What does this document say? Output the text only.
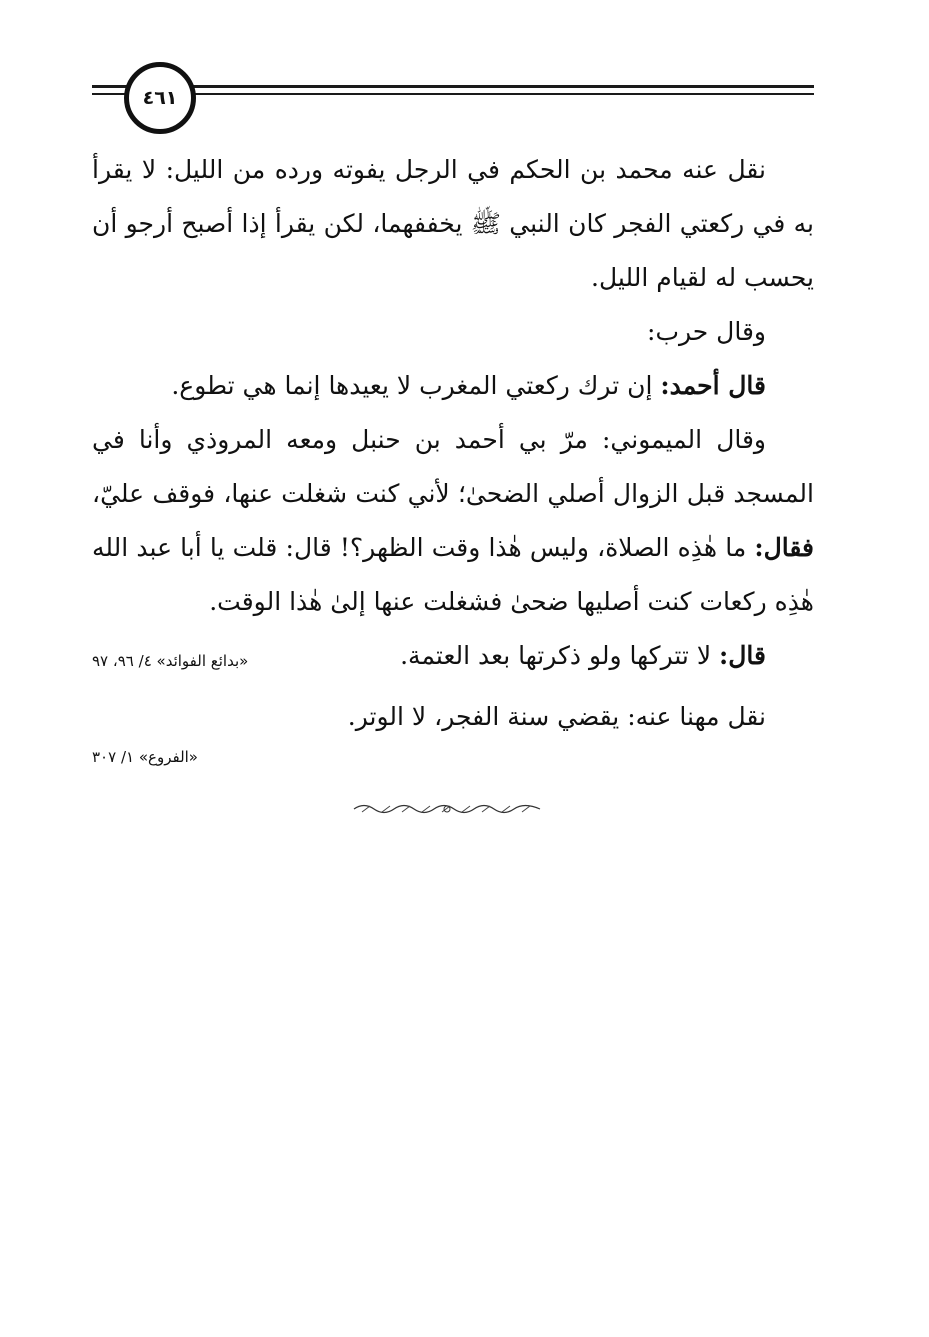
٤٦١

نقل عنه محمد بن الحكم في الرجل يفوته ورده من الليل: لا يقرأ به في ركعتي الفجر كان النبي ﷺ يخففهما، لكن يقرأ إذا أصبح أرجو أن يحسب له لقيام الليل.

وقال حرب:

قال أحمد: إن ترك ركعتي المغرب لا يعيدها إنما هي تطوع.

وقال الميموني: مرّ بي أحمد بن حنبل ومعه المروذي وأنا في المسجد قبل الزوال أصلي الضحىٰ؛ لأني كنت شغلت عنها، فوقف عليّ، فقال: ما هٰذِه الصلاة، وليس هٰذا وقت الظهر؟! قال: قلت يا أبا عبد الله هٰذِه ركعات كنت أصليها ضحىٰ فشغلت عنها إلىٰ هٰذا الوقت.

قال: لا تتركها ولو ذكرتها بعد العتمة.

«بدائع الفوائد» ٤/ ٩٦، ٩٧

نقل مهنا عنه: يقضي سنة الفجر، لا الوتر.

«الفروع» ١/ ٣٠٧
